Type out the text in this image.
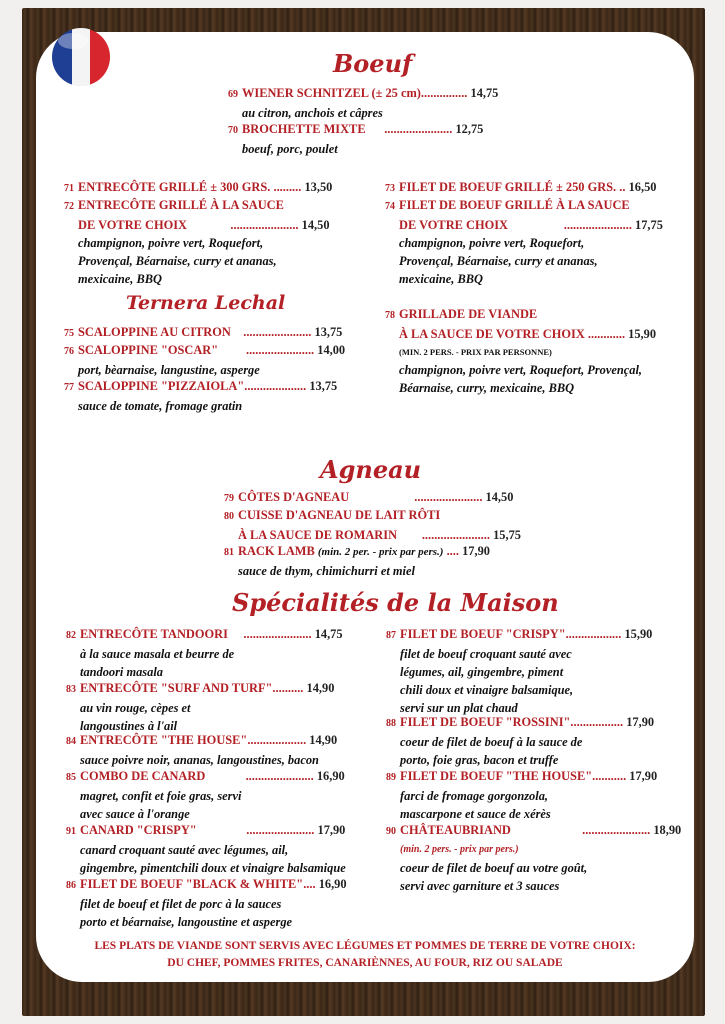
Boeuf
Ternera Lechal
Agneau
Spécialités de la Maison
69 WIENER SCHNITZEL (± 25 cm)............... 14,75
au citron, anchois et câpres
70 BROCHETTE MIXTE ...................... 12,75
boeuf, porc, poulet
71 ENTRECÔTE GRILLÉ ± 300 GRS. ......... 13,50
72 ENTRECÔTE GRILLÉ À LA SAUCE
DE VOTRE CHOIX	...................... 14,50
champignon, poivre vert, Roquefort,
Provençal, Béarnaise, curry et ananas,
mexicaine, BBQ
73 FILET DE BOEUF GRILLÉ ± 250 GRS. .. 16,50
74 FILET DE BOEUF GRILLÉ À LA SAUCE
DE VOTRE CHOIX	...................... 17,75
champignon, poivre vert, Roquefort,
Provençal, Béarnaise, curry et ananas,
mexicaine, BBQ
75 SCALOPPINE AU CITRON ...................... 13,75
76 SCALOPPINE "OSCAR" ...................... 14,00
port, bèarnaise, langustine, asperge
77 SCALOPPINE "PIZZAIOLA".................... 13,75
sauce de tomate, fromage gratin
78 GRILLADE DE VIANDE
À LA SAUCE DE VOTRE CHOIX ............ 15,90
(MIN. 2 PERS. - PRIX PAR PERSONNE)
champignon, poivre vert, Roquefort, Provençal,
Béarnaise, curry, mexicaine, BBQ
79 CÔTES D'AGNEAU	...................... 14,50
80 CUISSE D'AGNEAU DE LAIT RÔTI
À LA SAUCE DE ROMARIN ...................... 15,75
81 RACK LAMB (min. 2 per. - prix par pers.) .... 17,90
sauce de thym, chimichurri et miel
82 ENTRECÔTE TANDOORI ...................... 14,75
à la sauce masala et beurre de
tandoori masala
83 ENTRECÔTE "SURF AND TURF".......... 14,90
au vin rouge, cèpes et
langoustines à l'ail
84 ENTRECÔTE "THE HOUSE"................... 14,90
sauce poivre noir, ananas, langoustines, bacon
85 COMBO DE CANARD	...................... 16,90
magret, confit et foie gras, servi
avec sauce à l'orange
91 CANARD "CRISPY"	...................... 17,90
canard croquant sauté avec légumes, ail,
gingembre, pimentchili doux et vinaigre balsamique
86 FILET DE BOEUF "BLACK & WHITE".... 16,90
filet de boeuf et filet de porc à la sauces
porto et béarnaise, langoustine et asperge
87 FILET DE BOEUF "CRISPY".................. 15,90
filet de boeuf croquant sauté avec
légumes, ail, gingembre, piment
chili doux et vinaigre balsamique,
servi sur un plat chaud
88 FILET DE BOEUF "ROSSINI"................. 17,90
coeur de filet de boeuf à la sauce de
porto, foie gras, bacon et truffe
89 FILET DE BOEUF "THE HOUSE"........... 17,90
farci de fromage gorgonzola,
mascarpone et sauce de xérès
90 CHÂTEAUBRIAND	...................... 18,90
(min. 2 pers. - prix par pers.)
coeur de filet de boeuf au votre goût,
servi avec garniture et 3 sauces
LES PLATS DE VIANDE SONT SERVIS AVEC LÉGUMES ET POMMES DE TERRE DE VOTRE CHOIX:
DU CHEF, POMMES FRITES, CANARIÈNNES, AU FOUR, RIZ OU SALADE
